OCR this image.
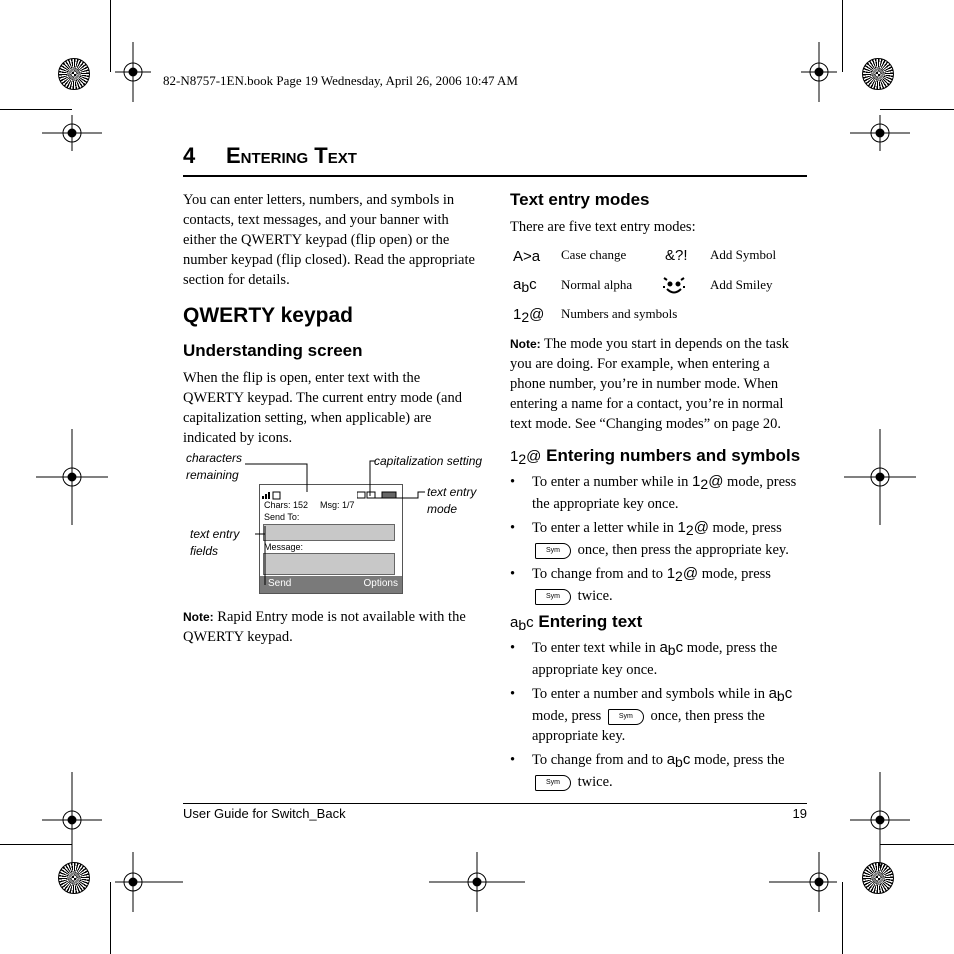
82-N8757-1EN.book Page 19 Wednesday, April 26, 2006 10:47 AM
4 Entering Text
You can enter letters, numbers, and symbols in contacts, text messages, and your banner with either the QWERTY keypad (flip open) or the number keypad (flip closed). Read the appropriate section for details.
QWERTY keypad
Understanding screen
When the flip is open, enter text with the QWERTY keypad. The current entry mode (and capitalization setting, when applicable) are indicated by icons.
characters remaining
capitalization setting
text entry mode
text entry fields
Chars: 152 Msg: 1/7
Send To:
Message:
Send	Options
Note: Rapid Entry mode is not available with the QWERTY keypad.
Text entry modes
There are five text entry modes:
A>a Case change	&?! Add Symbol
abc Normal alpha	Add Smiley
12@ Numbers and symbols
Note: The mode you start in depends on the task you are doing. For example, when entering a phone number, you’re in number mode. When entering a name for a contact, you’re in normal text mode. See “Changing modes” on page 20.
12@ Entering numbers and symbols
• To enter a number while in 12@ mode, press the appropriate key once.
• To enter a letter while in 12@ mode, press Sym once, then press the appropriate key.
• To change from and to 12@ mode, press Sym twice.
abc Entering text
• To enter text while in abc mode, press the appropriate key once.
• To enter a number and symbols while in abc mode, press	Sym once, then press the appropriate key.
• To change from and to abc mode, press the Sym twice.
User Guide for Switch_Back	19
